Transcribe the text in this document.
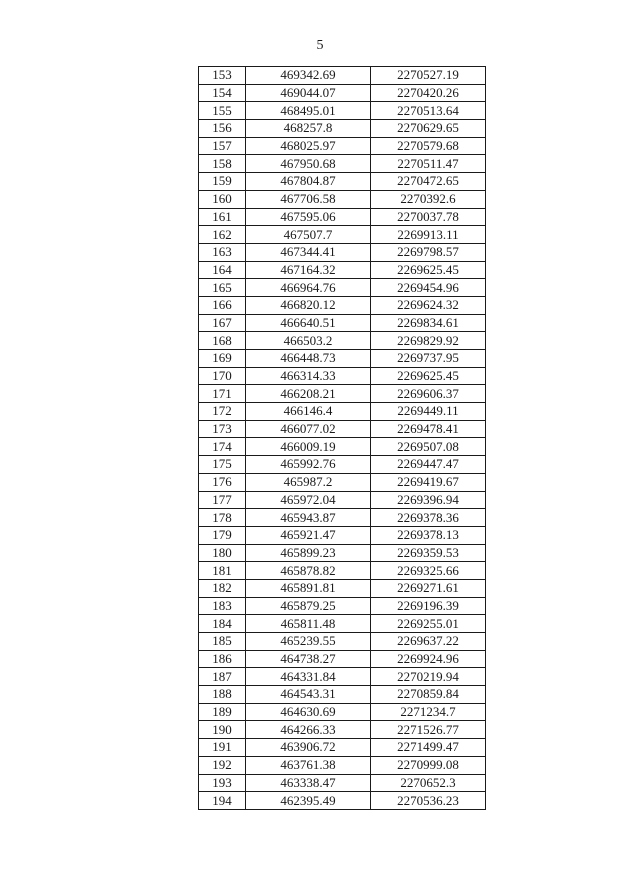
5
153	469342.69	2270527.19
154	469044.07	2270420.26
155	468495.01	2270513.64
156	468257.8	2270629.65
157	468025.97	2270579.68
158	467950.68	2270511.47
159	467804.87	2270472.65
160	467706.58	2270392.6
161	467595.06	2270037.78
162	467507.7	2269913.11
163	467344.41	2269798.57
164	467164.32	2269625.45
165	466964.76	2269454.96
166	466820.12	2269624.32
167	466640.51	2269834.61
168	466503.2	2269829.92
169	466448.73	2269737.95
170	466314.33	2269625.45
171	466208.21	2269606.37
172	466146.4	2269449.11
173	466077.02	2269478.41
174	466009.19	2269507.08
175	465992.76	2269447.47
176	465987.2	2269419.67
177	465972.04	2269396.94
178	465943.87	2269378.36
179	465921.47	2269378.13
180	465899.23	2269359.53
181	465878.82	2269325.66
182	465891.81	2269271.61
183	465879.25	2269196.39
184	465811.48	2269255.01
185	465239.55	2269637.22
186	464738.27	2269924.96
187	464331.84	2270219.94
188	464543.31	2270859.84
189	464630.69	2271234.7
190	464266.33	2271526.77
191	463906.72	2271499.47
192	463761.38	2270999.08
193	463338.47	2270652.3
194	462395.49	2270536.23
